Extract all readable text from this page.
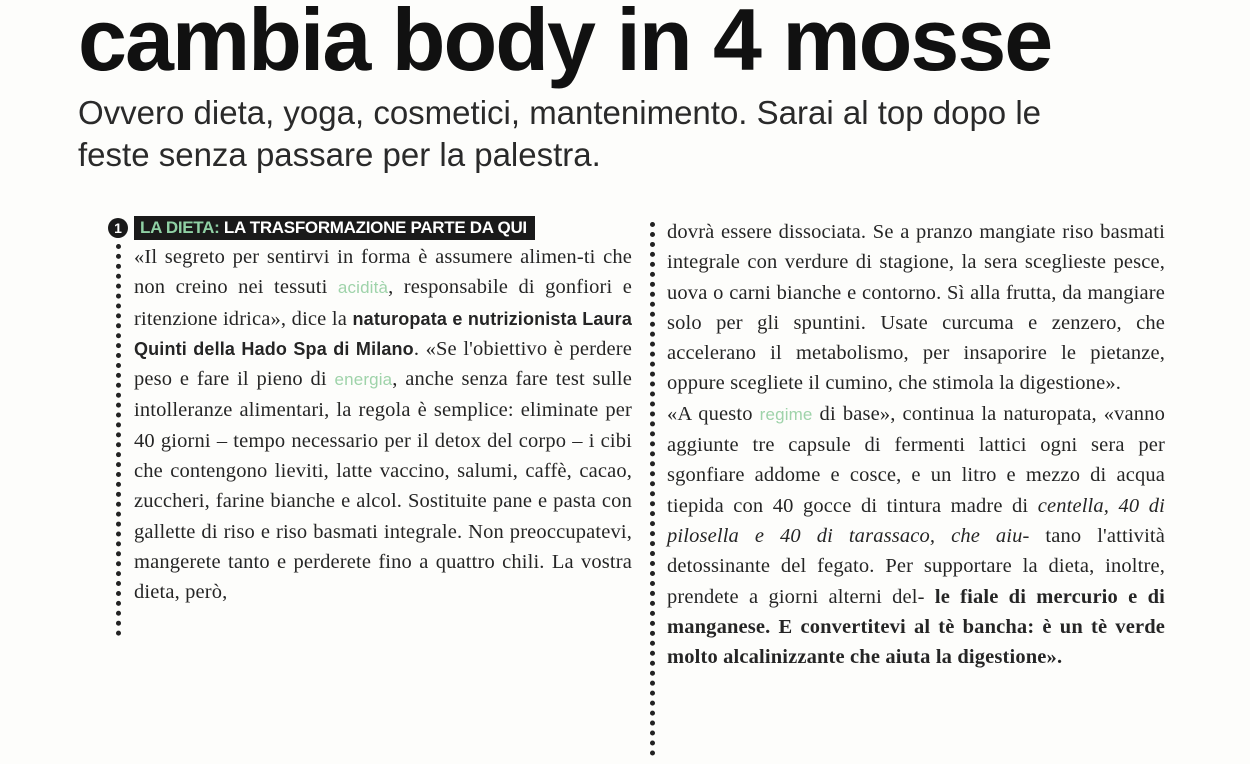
cambia body in 4 mosse
Ovvero dieta, yoga, cosmetici, mantenimento. Sarai al top dopo le feste senza passare per la palestra.
1	LA DIETA: LA TRASFORMAZIONE PARTE DA QUI

«Il segreto per sentirvi in forma è assumere alimen-ti che non creino nei tessuti acidità, responsabile di gonfiori e ritenzione idrica», dice la naturopata e nutrizionista Laura Quinti della Hado Spa di Milano. «Se l'obiettivo è perdere peso e fare il pieno di energia, anche senza fare test sulle intolleranze alimentari, la regola è semplice: eliminate per 40 giorni – tempo necessario per il detox del corpo – i cibi che contengono lieviti, latte vaccino, salumi, caffè, cacao, zuccheri, farine bianche e alcol. Sostituite pane e pasta con gallette di riso e riso basmati integrale. Non preoccupatevi, mangerete tanto e perderete fino a quattro chili. La vostra dieta, però,

dovrà essere dissociata. Se a pranzo mangiate riso basmati integrale con verdure di stagione, la sera sceglieste pesce, uova o carni bianche e contorno. Sì alla frutta, da mangiare solo per gli spuntini. Usate curcuma e zenzero, che accelerano il metabolismo, per insaporire le pietanze, oppure scegliete il cumino, che stimola la digestione».

«A questo regime di base», continua la naturopata, «vanno aggiunte tre capsule di fermenti lattici ogni sera per sgonfiare addome e cosce, e un litro e mezzo di acqua tiepida con 40 gocce di tintura madre di centella, 40 di pilosella e 40 di tarassaco, che aiu- tano l'attività detossinante del fegato. Per supportare la dieta, inoltre, prendete a giorni alterni del- le fiale di mercurio e di manganese. E convertitevi al tè bancha: è un tè verde molto alcalinizzante che aiuta la digestione».
